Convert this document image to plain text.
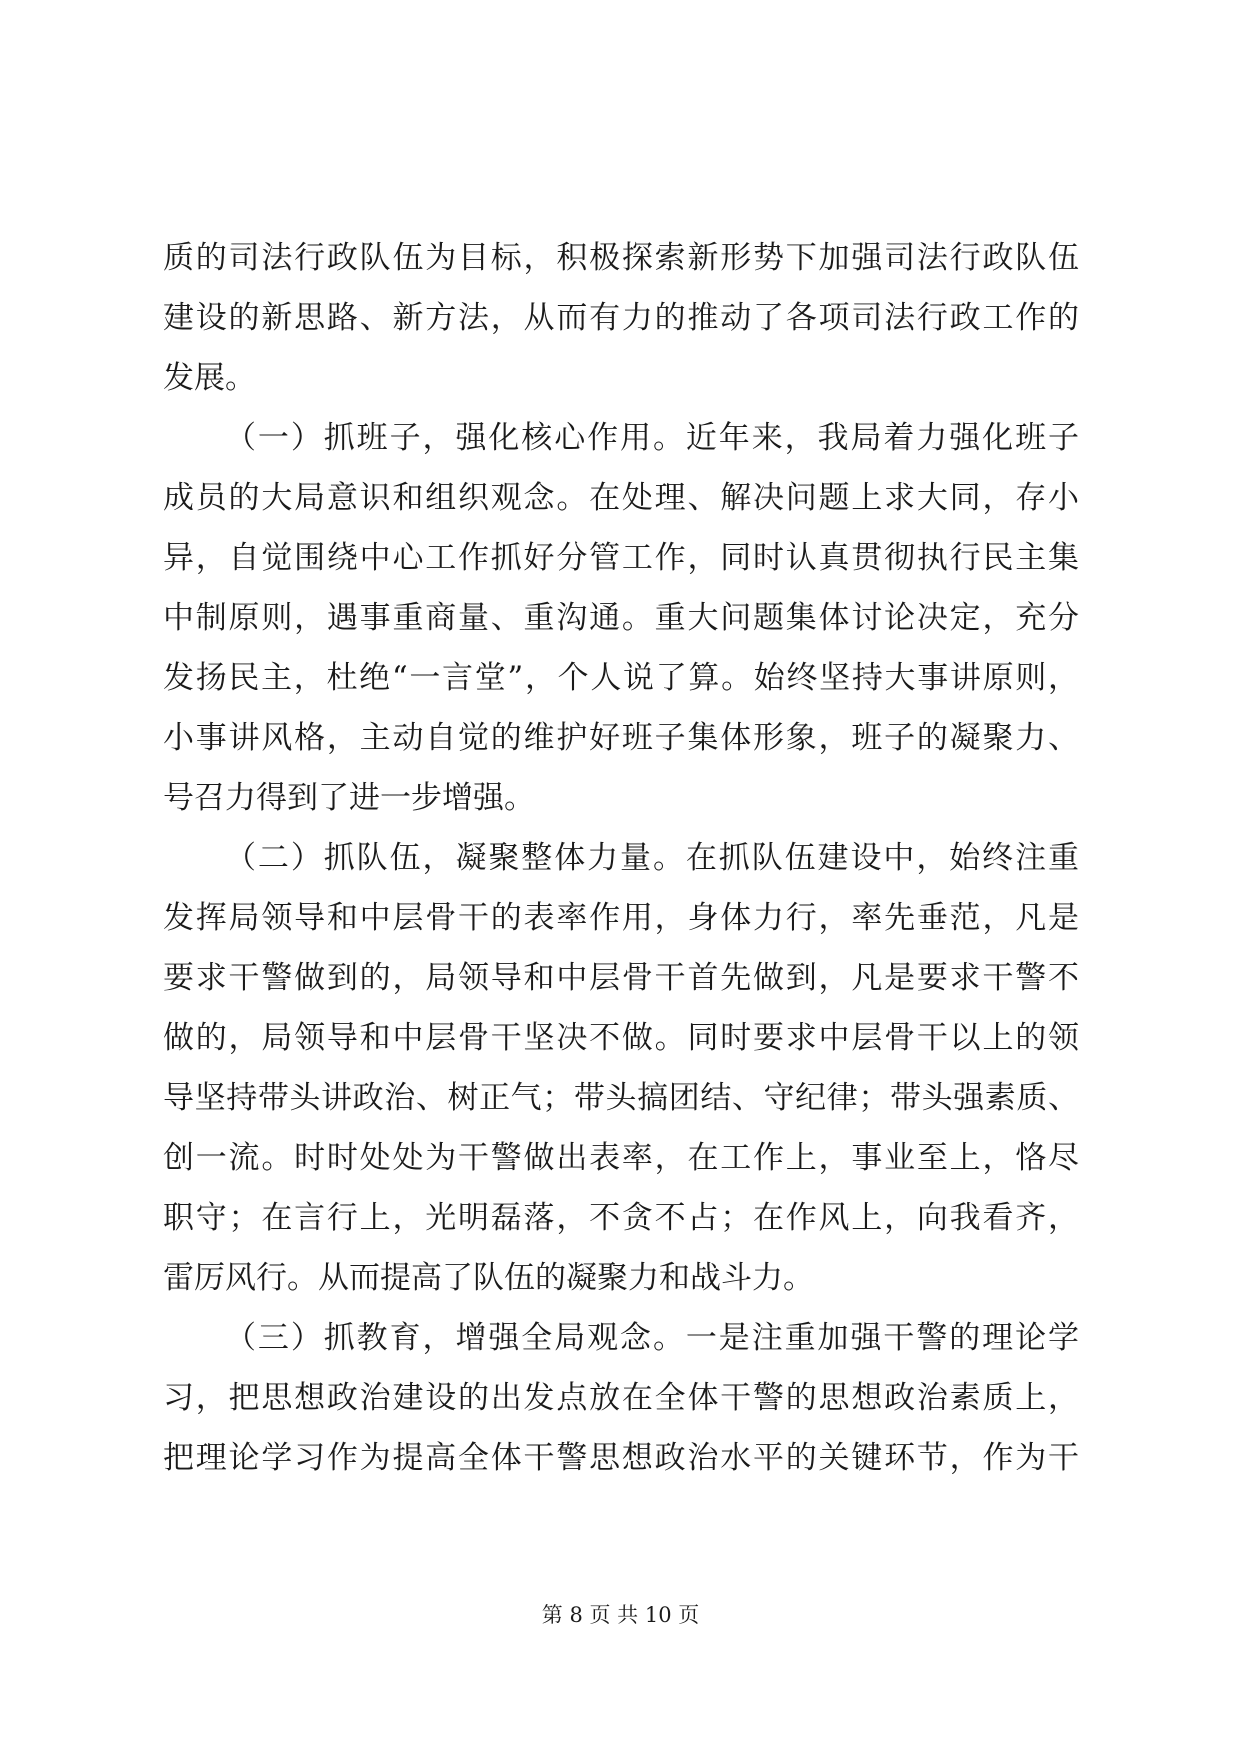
质的司法行政队伍为目标，积极探索新形势下加强司法行政队伍
建设的新思路、新方法，从而有力的推动了各项司法行政工作的
发展。
（一）抓班子，强化核心作用。近年来，我局着力强化班子
成员的大局意识和组织观念。在处理、解决问题上求大同，存小
异，自觉围绕中心工作抓好分管工作，同时认真贯彻执行民主集
中制原则，遇事重商量、重沟通。重大问题集体讨论决定，充分
发扬民主，杜绝“一言堂”，个人说了算。始终坚持大事讲原则，
小事讲风格，主动自觉的维护好班子集体形象，班子的凝聚力、
号召力得到了进一步增强。
（二）抓队伍，凝聚整体力量。在抓队伍建设中，始终注重
发挥局领导和中层骨干的表率作用，身体力行，率先垂范，凡是
要求干警做到的，局领导和中层骨干首先做到，凡是要求干警不
做的，局领导和中层骨干坚决不做。同时要求中层骨干以上的领
导坚持带头讲政治、树正气；带头搞团结、守纪律；带头强素质、
创一流。时时处处为干警做出表率，在工作上，事业至上，恪尽
职守；在言行上，光明磊落，不贪不占；在作风上，向我看齐，
雷厉风行。从而提高了队伍的凝聚力和战斗力。
（三）抓教育，增强全局观念。一是注重加强干警的理论学
习，把思想政治建设的出发点放在全体干警的思想政治素质上，
把理论学习作为提高全体干警思想政治水平的关键环节，作为干
第 8 页 共 10 页
